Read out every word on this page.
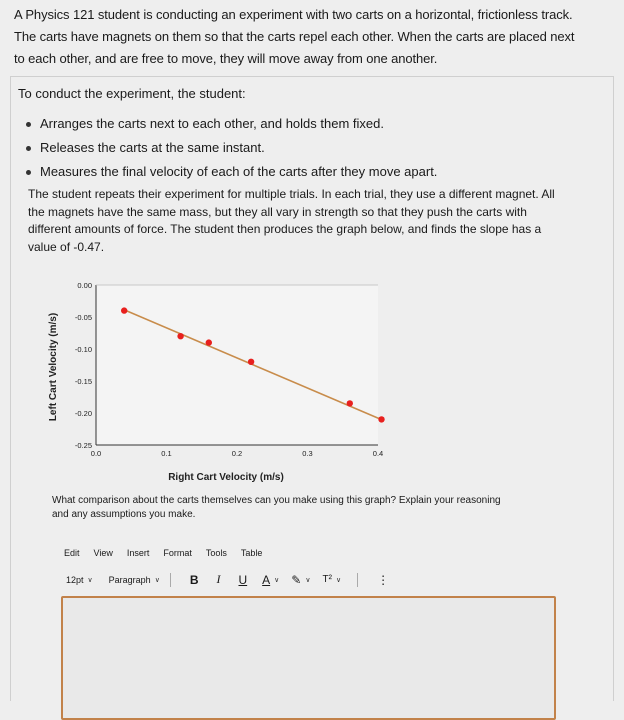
A Physics 121 student is conducting an experiment with two carts on a horizontal, frictionless track.

The carts have magnets on them so that the carts repel each other. When the carts are placed next

to each other, and are free to move, they will move away from one another.

To conduct the experiment, the student:
Arranges the carts next to each other, and holds them fixed.
Releases the carts at the same instant.
Measures the final velocity of each of the carts after they move apart.

The student repeats their experiment for multiple trials. In each trial, they use a different magnet. All

the magnets have the same mass, but they all vary in strength so that they push the carts with

different amounts of force. The student then produces the graph below, and finds the slope has a

value of -0.47.

Left Cart Velocity (m/s)
Right Cart Velocity (m/s)
0.00
-0.05
-0.10
-0.15
-0.20
-0.25
0.0	0.1	0.2	0.3	0.4
What comparison about the carts themselves can you make using this graph? Explain your reasoning
and any assumptions you make.
Edit View Insert Format Tools Table
12pt ∨ Paragraph ∨	B I U A ∨ ✎ ∨ T² ∨	⋮
